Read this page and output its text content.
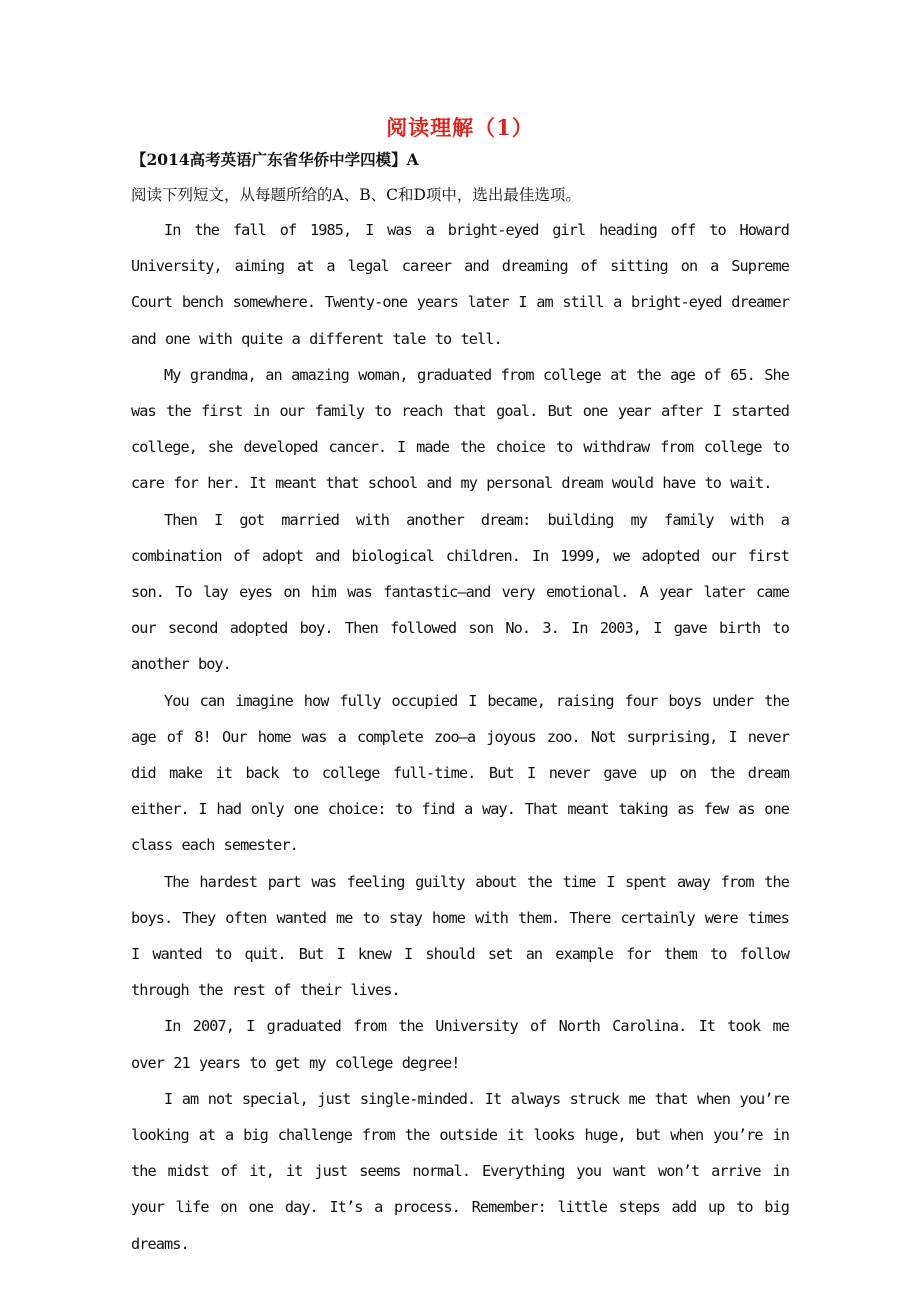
阅读理解（1）
【2014高考英语广东省华侨中学四模】A
阅读下列短文，从每题所给的A、B、C和D项中，选出最佳选项。

In the fall of 1985, I was a bright-eyed girl heading off to Howard University, aiming at a legal career and dreaming of sitting on a Supreme Court bench somewhere. Twenty-one years later I am still a bright-eyed dreamer and one with quite a different tale to tell.

My grandma, an amazing woman, graduated from college at the age of 65. She was the first in our family to reach that goal. But one year after I started college, she developed cancer. I made the choice to withdraw from college to care for her. It meant that school and my personal dream would have to wait.

Then I got married with another dream: building my family with a combination of adopt and biological children. In 1999, we adopted our first son. To lay eyes on him was fantastic—and very emotional. A year later came our second adopted boy. Then followed son No. 3. In 2003, I gave birth to another boy.

You can imagine how fully occupied I became, raising four boys under the age of 8! Our home was a complete zoo—a joyous zoo. Not surprising, I never did make it back to college full-time. But I never gave up on the dream either. I had only one choice: to find a way. That meant taking as few as one class each semester.

The hardest part was feeling guilty about the time I spent away from the boys. They often wanted me to stay home with them. There certainly were times I wanted to quit. But I knew I should set an example for them to follow through the rest of their lives.

In 2007, I graduated from the University of North Carolina. It took me over 21 years to get my college degree!

I am not special, just single-minded. It always struck me that when you’re looking at a big challenge from the outside it looks huge, but when you’re in the midst of it, it just seems normal. Everything you want won’t arrive in your life on one day. It’s a process. Remember: little steps add up to big dreams.
